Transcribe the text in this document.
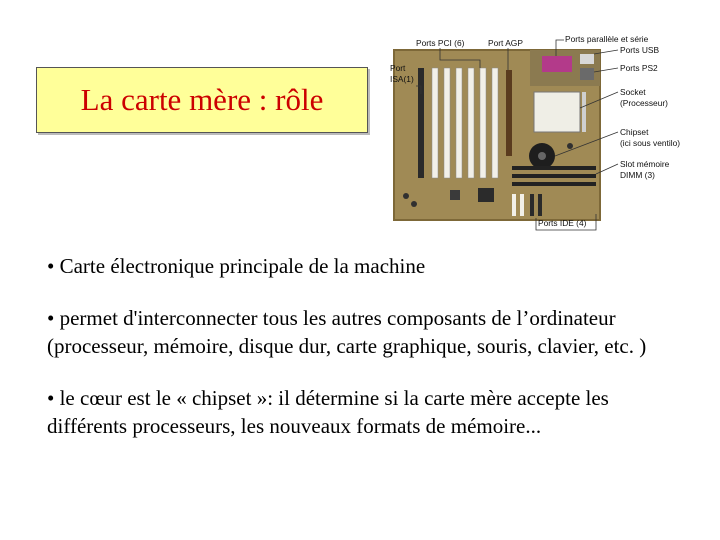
La carte mère : rôle
Ports PCI (6)	Port AGP	Ports parallèle et série
Ports USB
Ports PS2
Port
ISA(1)
Socket
(Processeur)
Chipset
(ici sous ventilo)
Slot mémoire
DIMM (3)
Ports IDE (4)

• Carte électronique principale de la machine

• permet d'interconnecter tous les autres composants de l’ordinateur (processeur, mémoire, disque dur, carte graphique, souris, clavier, etc. )

• le cœur est le « chipset »: il détermine si la carte mère accepte les différents processeurs, les nouveaux formats de mémoire...
